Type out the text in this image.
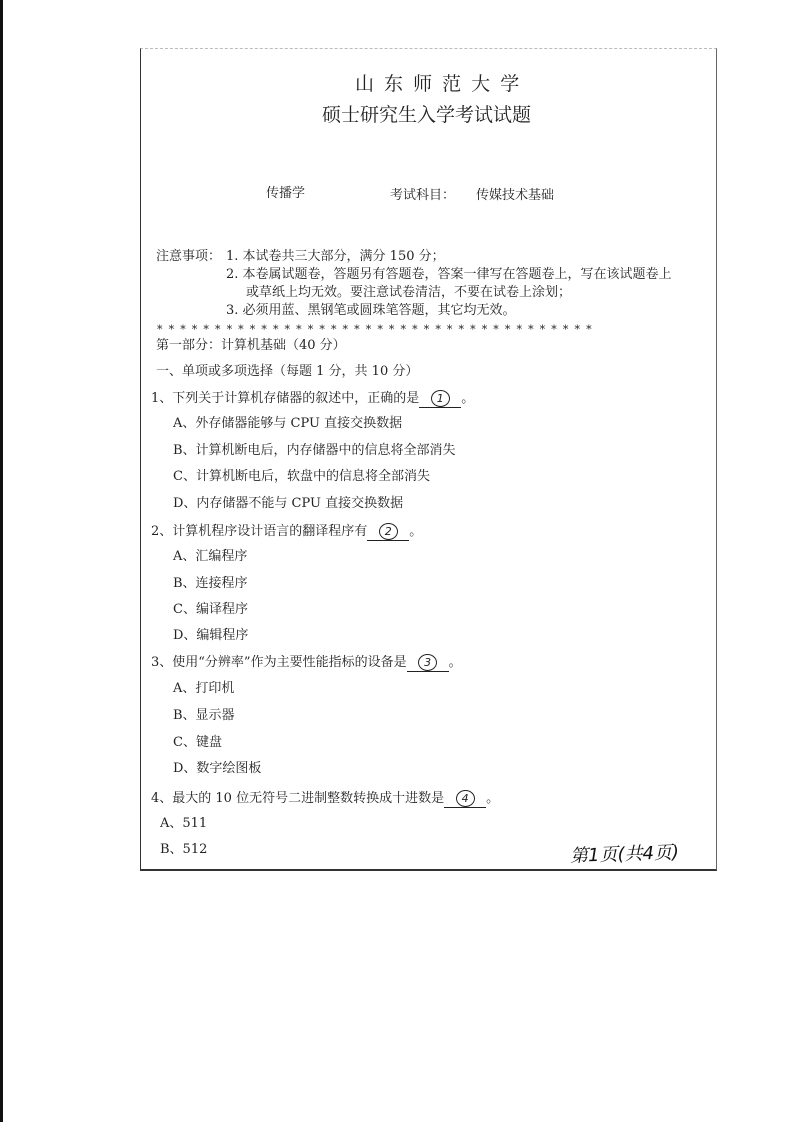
山 东 师 范 大 学
硕士研究生入学考试试题
传播学	考试科目： 传媒技术基础
注意事项： 1. 本试卷共三大部分，满分 150 分；
2. 本卷属试题卷，答题另有答题卷，答案一律写在答题卷上，写在该试题卷上
或草纸上均无效。要注意试卷清洁，不要在试卷上涂划；
3. 必须用蓝、黑钢笔或圆珠笔答题，其它均无效。
* * * * * * * * * * * * * * * * * * * * * * * * * * * * * * * * * * * * * *
第一部分：计算机基础（40 分）
一、单项或多项选择（每题 1 分，共 10 分）
1、下列关于计算机存储器的叙述中，正确的是 1 。
A、外存储器能够与 CPU 直接交换数据
B、计算机断电后，内存储器中的信息将全部消失
C、计算机断电后，软盘中的信息将全部消失
D、内存储器不能与 CPU 直接交换数据
2、计算机程序设计语言的翻译程序有 2 。
A、汇编程序
B、连接程序
C、编译程序
D、编辑程序
3、使用“分辨率”作为主要性能指标的设备是 3 。
A、打印机
B、显示器
C、键盘
D、数字绘图板
4、最大的 10 位无符号二进制整数转换成十进数是 4 。
A、511
B、512	第1页(共4页)
